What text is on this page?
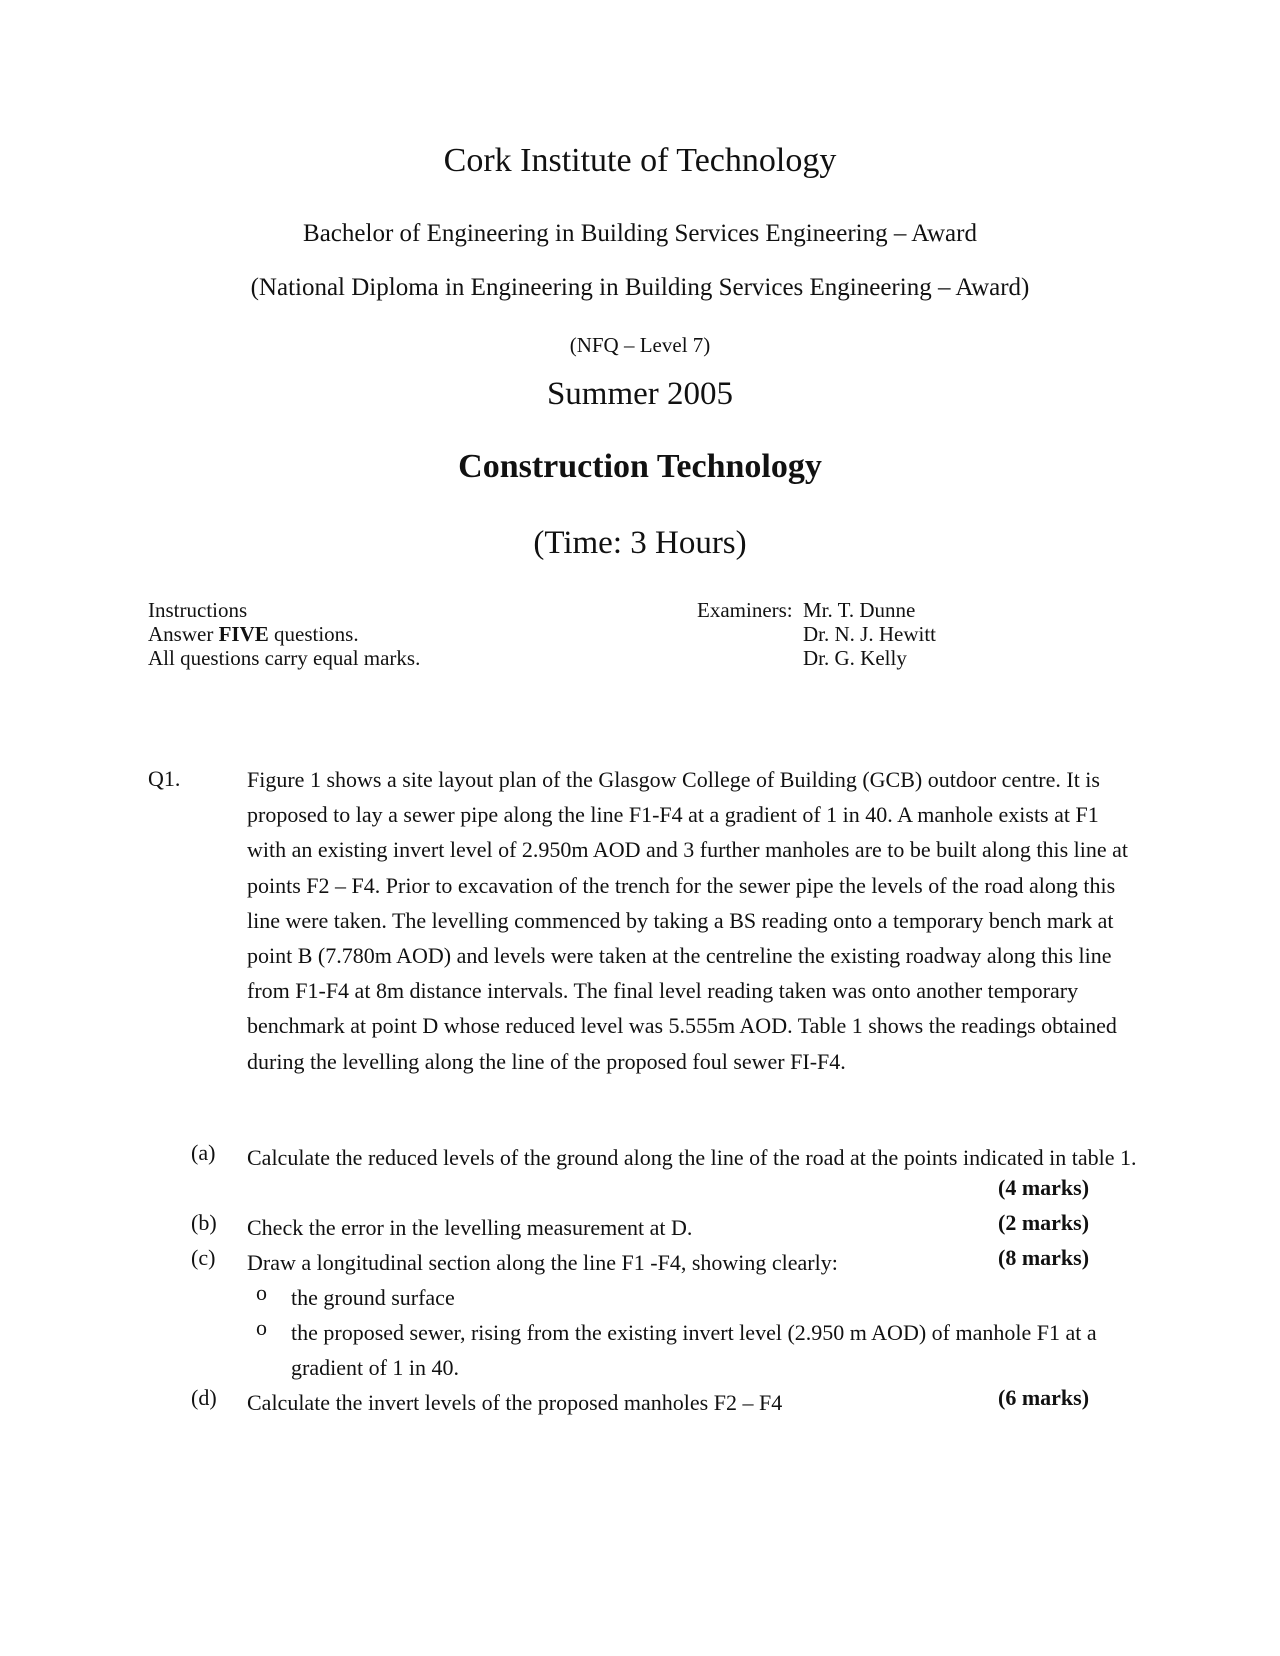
Cork Institute of Technology
Bachelor of Engineering in Building Services Engineering – Award
(National Diploma in Engineering in Building Services Engineering – Award)
(NFQ – Level 7)
Summer 2005
Construction Technology
(Time: 3 Hours)
Instructions
Answer FIVE questions.
All questions carry equal marks.
Examiners: Mr. T. Dunne
Dr. N. J. Hewitt
Dr. G. Kelly
Q1.	Figure 1 shows a site layout plan of the Glasgow College of Building (GCB) outdoor centre. It is proposed to lay a sewer pipe along the line F1-F4 at a gradient of 1 in 40. A manhole exists at F1 with an existing invert level of 2.950m AOD and 3 further manholes are to be built along this line at points F2 – F4. Prior to excavation of the trench for the sewer pipe the levels of the road along this line were taken. The levelling commenced by taking a BS reading onto a temporary bench mark at point B (7.780m AOD) and levels were taken at the centreline the existing roadway along this line from F1-F4 at 8m distance intervals. The final level reading taken was onto another temporary benchmark at point D whose reduced level was 5.555m AOD. Table 1 shows the readings obtained during the levelling along the line of the proposed foul sewer FI-F4.
(a) Calculate the reduced levels of the ground along the line of the road at the points indicated in table 1.
(4 marks)
(b) Check the error in the levelling measurement at D.	(2 marks)
(c) Draw a longitudinal section along the line F1 -F4, showing clearly:	(8 marks)
o the ground surface
o the proposed sewer, rising from the existing invert level (2.950 m AOD) of manhole F1 at a gradient of 1 in 40.
(d) Calculate the invert levels of the proposed manholes F2 – F4	(6 marks)
